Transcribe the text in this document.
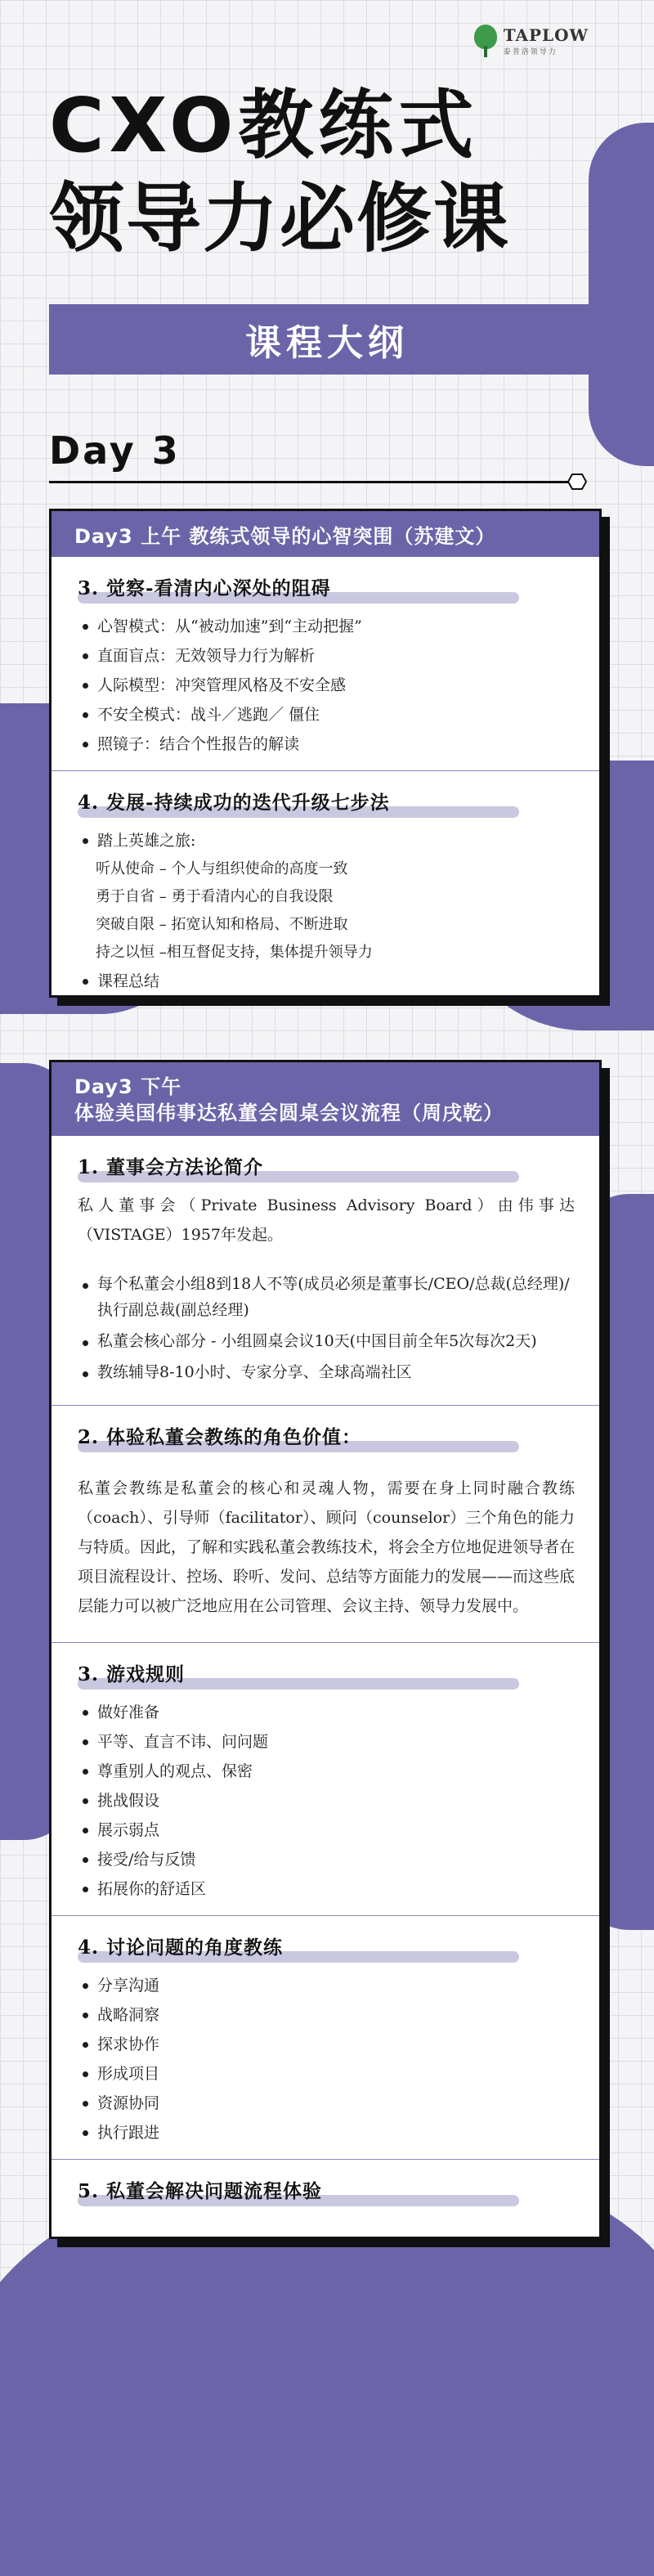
TAPLOW
泰普洛领导力
CXO教练式
领导力必修课
课程大纲
Day 3
Day3 上午 教练式领导的心智突围（苏建文）
3. 觉察-看清内心深处的阻碍
心智模式：从“被动加速”到“主动把握”
直面盲点：无效领导力行为解析
人际模型：冲突管理风格及不安全感
不安全模式：战斗／逃跑／ 僵住
照镜子：结合个性报告的解读
4. 发展-持续成功的迭代升级七步法
踏上英雄之旅:
听从使命 – 个人与组织使命的高度一致
勇于自省 – 勇于看清内心的自我设限
突破自限 – 拓宽认知和格局、不断进取
持之以恒 –相互督促支持，集体提升领导力
课程总结
Day3 下午
体验美国伟事达私董会圆桌会议流程（周戌乾）
1. 董事会方法论简介

私人董事会（Private Business Advisory Board）由伟事达（VISTAGE）1957年发起。

每个私董会小组8到18人不等(成员必须是董事长/CEO/总裁(总经理)/执行副总裁(副总经理)
私董会核心部分 - 小组圆桌会议10天(中国目前全年5次每次2天)
教练辅导8-10小时、专家分享、全球高端社区
2. 体验私董会教练的角色价值：

私董会教练是私董会的核心和灵魂人物，需要在身上同时融合教练（coach）、引导师（facilitator）、顾问（counselor）三个角色的能力与特质。因此，了解和实践私董会教练技术，将会全方位地促进领导者在项目流程设计、控场、聆听、发问、总结等方面能力的发展——而这些底层能力可以被广泛地应用在公司管理、会议主持、领导力发展中。

3. 游戏规则
做好准备
平等、直言不讳、问问题
尊重别人的观点、保密
挑战假设
展示弱点
接受/给与反馈
拓展你的舒适区
4. 讨论问题的角度教练
分享沟通
战略洞察
探求协作
形成项目
资源协同
执行跟进
5. 私董会解决问题流程体验
